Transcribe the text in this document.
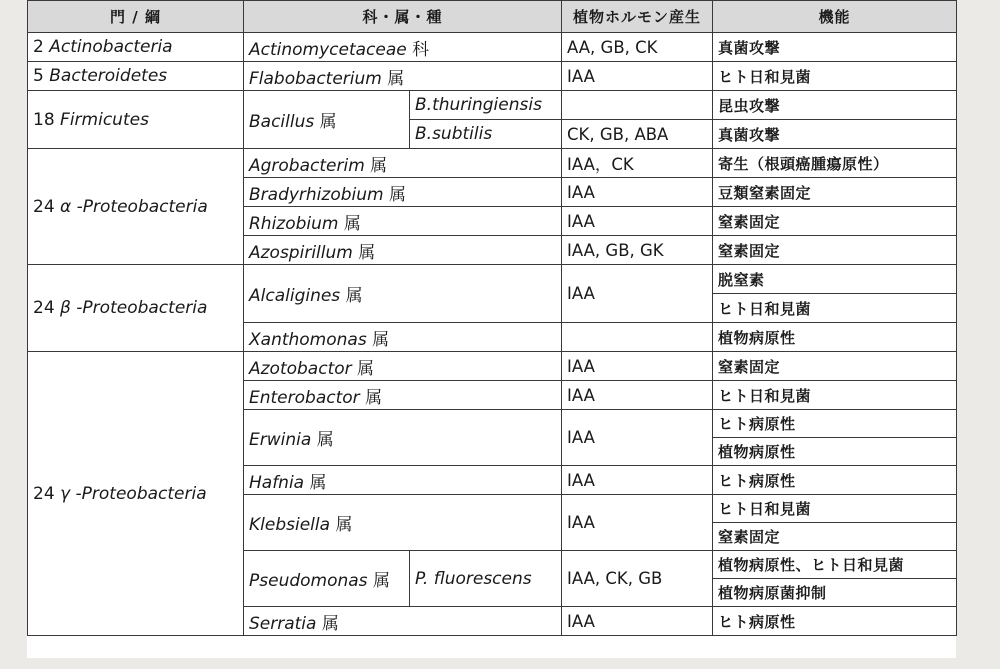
門 / 綱	科・属・種		植物ホルモン産生	機能
2 Actinobacteria	Actinomycetaceae 科		AA, GB, CK	真菌攻撃
5 Bacteroidetes	Flabobacterium 属		IAA	ヒト日和見菌
18 Firmicutes	Bacillus 属	B.thuringiensis		昆虫攻撃
		B.subtilis	CK, GB, ABA	真菌攻撃
24 α -Proteobacteria	Agrobacterim 属		IAA，CK	寄生（根頭癌腫瘍原性）
	Bradyrhizobium 属		IAA	豆類窒素固定
	Rhizobium 属		IAA	窒素固定
	Azospirillum 属		IAA, GB, GK	窒素固定
24 β -Proteobacteria	Alcaligines 属		IAA	脱窒素
				ヒト日和見菌
	Xanthomonas 属			植物病原性
24 γ -Proteobacteria	Azotobactor 属		IAA	窒素固定
	Enterobactor 属		IAA	ヒト日和見菌
	Erwinia 属		IAA	ヒト病原性
				植物病原性
	Hafnia 属		IAA	ヒト病原性
	Klebsiella 属		IAA	ヒト日和見菌
				窒素固定
	Pseudomonas 属	P. fluorescens	IAA, CK, GB	植物病原性、ヒト日和見菌
				植物病原菌抑制
	Serratia 属		IAA	ヒト病原性
